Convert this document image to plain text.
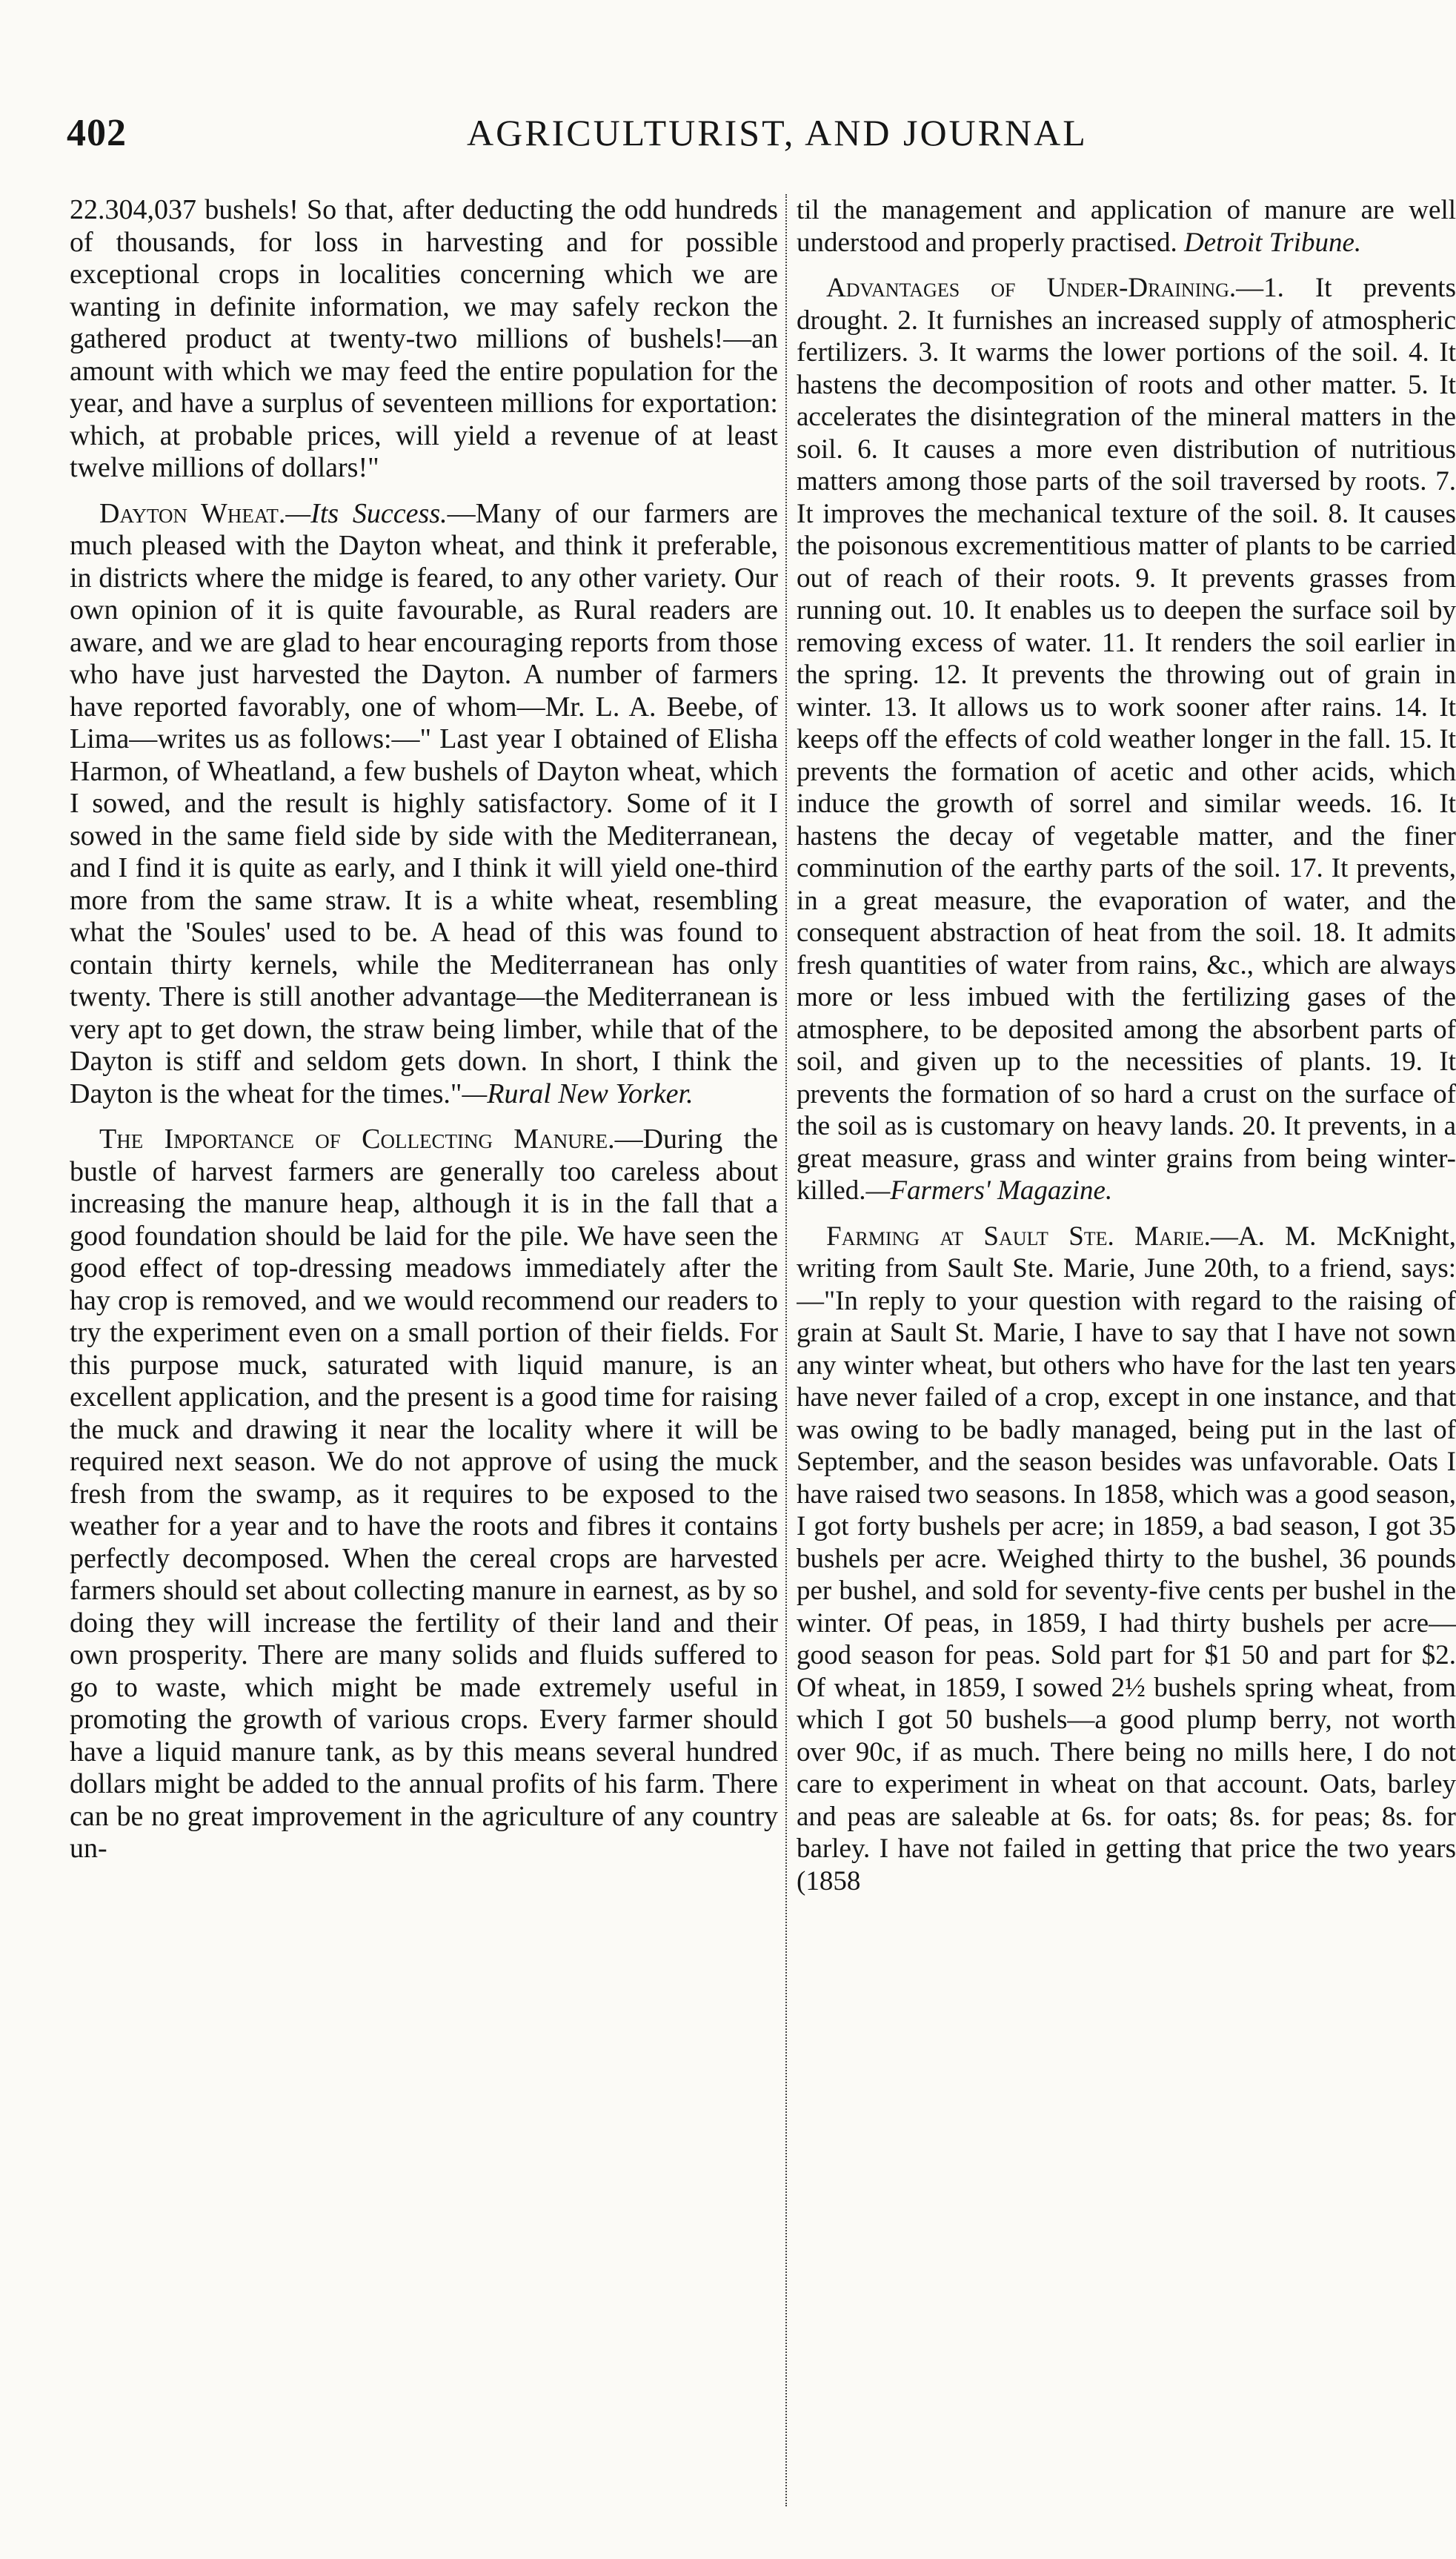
402	AGRICULTURIST, AND JOURNAL

22.304,037 bushels! So that, after deducting the odd hundreds of thousands, for loss in harvesting and for possible exceptional crops in localities concerning which we are wanting in definite information, we may safely reckon the gathered product at twenty-two millions of bushels!—an amount with which we may feed the entire population for the year, and have a surplus of seventeen millions for exportation: which, at probable prices, will yield a revenue of at least twelve millions of dollars!"

Dayton Wheat.—Its Success.—Many of our farmers are much pleased with the Dayton wheat, and think it preferable, in districts where the midge is feared, to any other variety. Our own opinion of it is quite favourable, as Rural readers are aware, and we are glad to hear encouraging reports from those who have just harvested the Dayton. A number of farmers have reported favorably, one of whom—Mr. L. A. Beebe, of Lima—writes us as follows:—" Last year I obtained of Elisha Harmon, of Wheatland, a few bushels of Dayton wheat, which I sowed, and the result is highly satisfactory. Some of it I sowed in the same field side by side with the Mediterranean, and I find it is quite as early, and I think it will yield one-third more from the same straw. It is a white wheat, resembling what the 'Soules' used to be. A head of this was found to contain thirty kernels, while the Mediterranean has only twenty. There is still another advantage—the Mediterranean is very apt to get down, the straw being limber, while that of the Dayton is stiff and seldom gets down. In short, I think the Dayton is the wheat for the times."—Rural New Yorker.

The Importance of Collecting Manure.—During the bustle of harvest farmers are generally too careless about increasing the manure heap, although it is in the fall that a good foundation should be laid for the pile. We have seen the good effect of top-dressing meadows immediately after the hay crop is removed, and we would recommend our readers to try the experiment even on a small portion of their fields. For this purpose muck, saturated with liquid manure, is an excellent application, and the present is a good time for raising the muck and drawing it near the locality where it will be required next season. We do not approve of using the muck fresh from the swamp, as it requires to be exposed to the weather for a year and to have the roots and fibres it contains perfectly decomposed. When the cereal crops are harvested farmers should set about collecting manure in earnest, as by so doing they will increase the fertility of their land and their own prosperity. There are many solids and fluids suffered to go to waste, which might be made extremely useful in promoting the growth of various crops. Every farmer should have a liquid manure tank, as by this means several hundred dollars might be added to the annual profits of his farm. There can be no great improvement in the agriculture of any country un-

til the management and application of manure are well understood and properly practised. Detroit Tribune.

Advantages of Under-Draining.—1. It prevents drought. 2. It furnishes an increased supply of atmospheric fertilizers. 3. It warms the lower portions of the soil. 4. It hastens the decomposition of roots and other matter. 5. It accelerates the disintegration of the mineral matters in the soil. 6. It causes a more even distribution of nutritious matters among those parts of the soil traversed by roots. 7. It improves the mechanical texture of the soil. 8. It causes the poisonous excrementitious matter of plants to be carried out of reach of their roots. 9. It prevents grasses from running out. 10. It enables us to deepen the surface soil by removing excess of water. 11. It renders the soil earlier in the spring. 12. It prevents the throwing out of grain in winter. 13. It allows us to work sooner after rains. 14. It keeps off the effects of cold weather longer in the fall. 15. It prevents the formation of acetic and other acids, which induce the growth of sorrel and similar weeds. 16. It hastens the decay of vegetable matter, and the finer comminution of the earthy parts of the soil. 17. It prevents, in a great measure, the evaporation of water, and the consequent abstraction of heat from the soil. 18. It admits fresh quantities of water from rains, &c., which are always more or less imbued with the fertilizing gases of the atmosphere, to be deposited among the absorbent parts of soil, and given up to the necessities of plants. 19. It prevents the formation of so hard a crust on the surface of the soil as is customary on heavy lands. 20. It prevents, in a great measure, grass and winter grains from being winter-killed.—Farmers' Magazine.

Farming at Sault Ste. Marie.—A. M. McKnight, writing from Sault Ste. Marie, June 20th, to a friend, says:—"In reply to your question with regard to the raising of grain at Sault St. Marie, I have to say that I have not sown any winter wheat, but others who have for the last ten years have never failed of a crop, except in one instance, and that was owing to be badly managed, being put in the last of September, and the season besides was unfavorable. Oats I have raised two seasons. In 1858, which was a good season, I got forty bushels per acre; in 1859, a bad season, I got 35 bushels per acre. Weighed thirty to the bushel, 36 pounds per bushel, and sold for seventy-five cents per bushel in the winter. Of peas, in 1859, I had thirty bushels per acre—good season for peas. Sold part for $1 50 and part for $2. Of wheat, in 1859, I sowed 2½ bushels spring wheat, from which I got 50 bushels—a good plump berry, not worth over 90c, if as much. There being no mills here, I do not care to experiment in wheat on that account. Oats, barley and peas are saleable at 6s. for oats; 8s. for peas; 8s. for barley. I have not failed in getting that price the two years (1858
